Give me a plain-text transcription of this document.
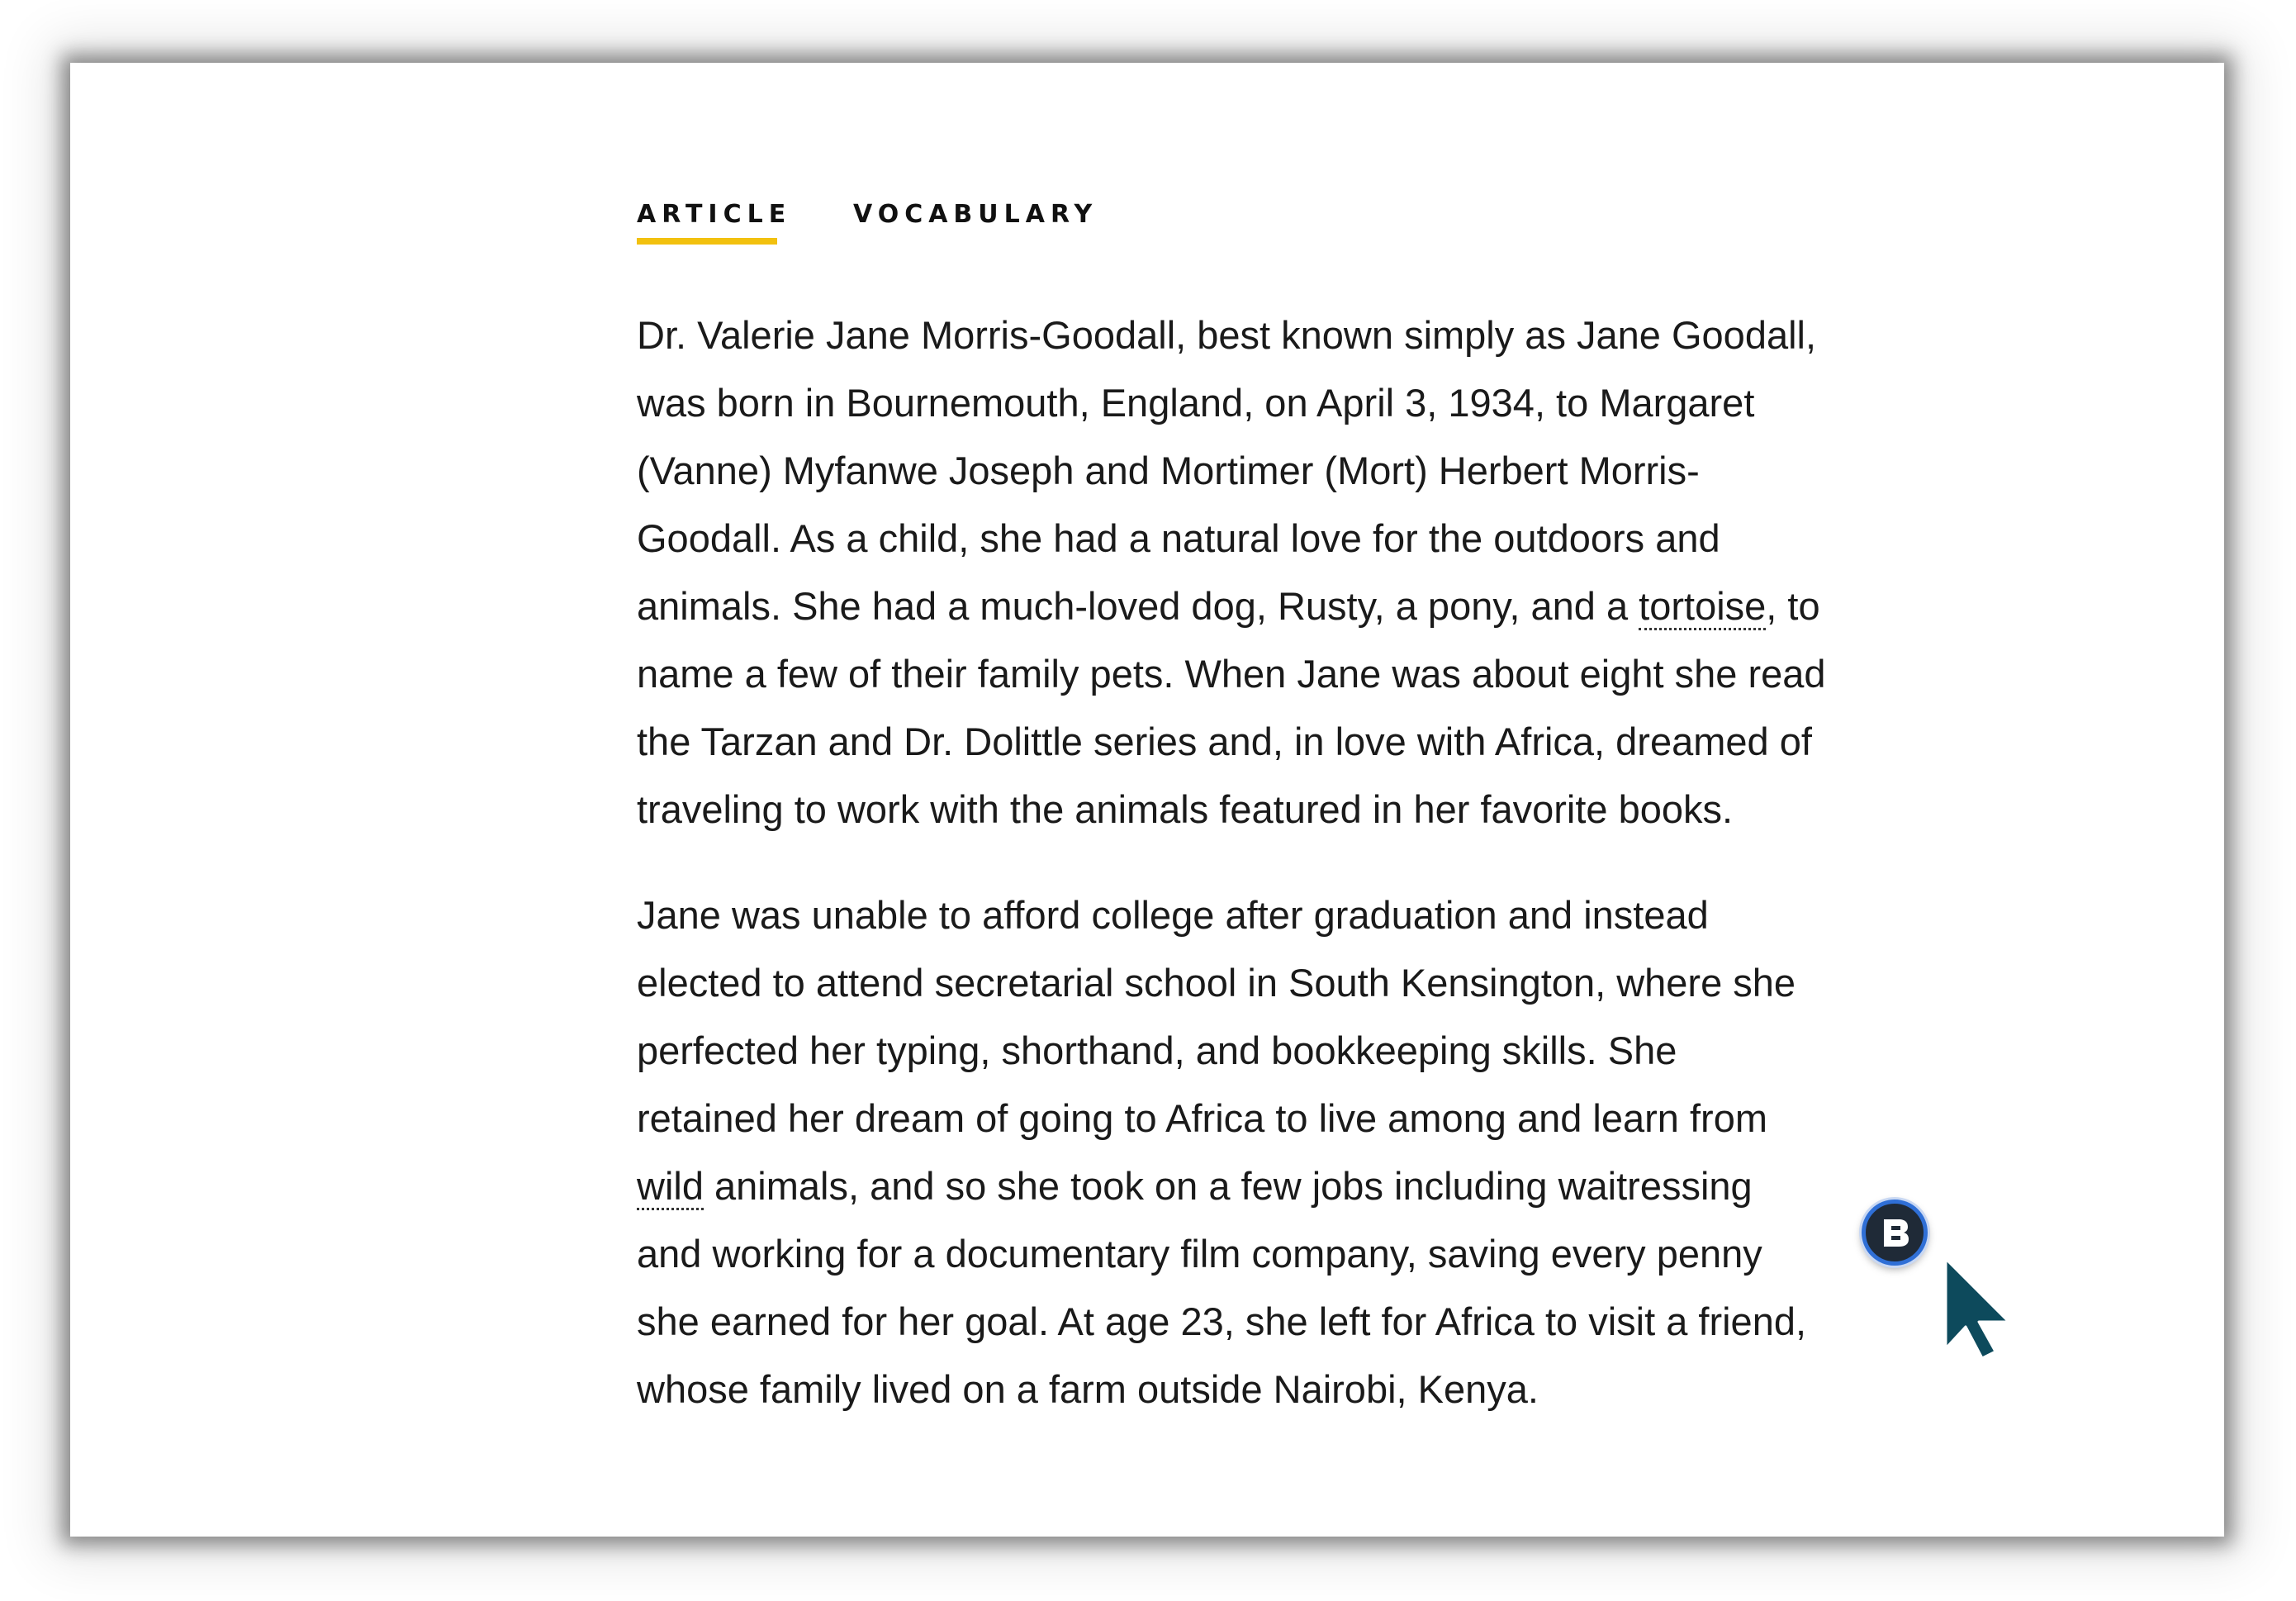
ARTICLE VOCABULARY

Dr. Valerie Jane Morris-Goodall, best known simply as Jane Goodall, was born in Bournemouth, England, on April 3, 1934, to Margaret (Vanne) Myfanwe Joseph and Mortimer (Mort) Herbert Morris-Goodall. As a child, she had a natural love for the outdoors and animals. She had a much-loved dog, Rusty, a pony, and a tortoise, to name a few of their family pets. When Jane was about eight she read the Tarzan and Dr. Dolittle series and, in love with Africa, dreamed of traveling to work with the animals featured in her favorite books.

Jane was unable to afford college after graduation and instead elected to attend secretarial school in South Kensington, where she perfected her typing, shorthand, and bookkeeping skills. She retained her dream of going to Africa to live among and learn from wild animals, and so she took on a few jobs including waitressing and working for a documentary film company, saving every penny she earned for her goal. At age 23, she left for Africa to visit a friend, whose family lived on a farm outside Nairobi, Kenya.
